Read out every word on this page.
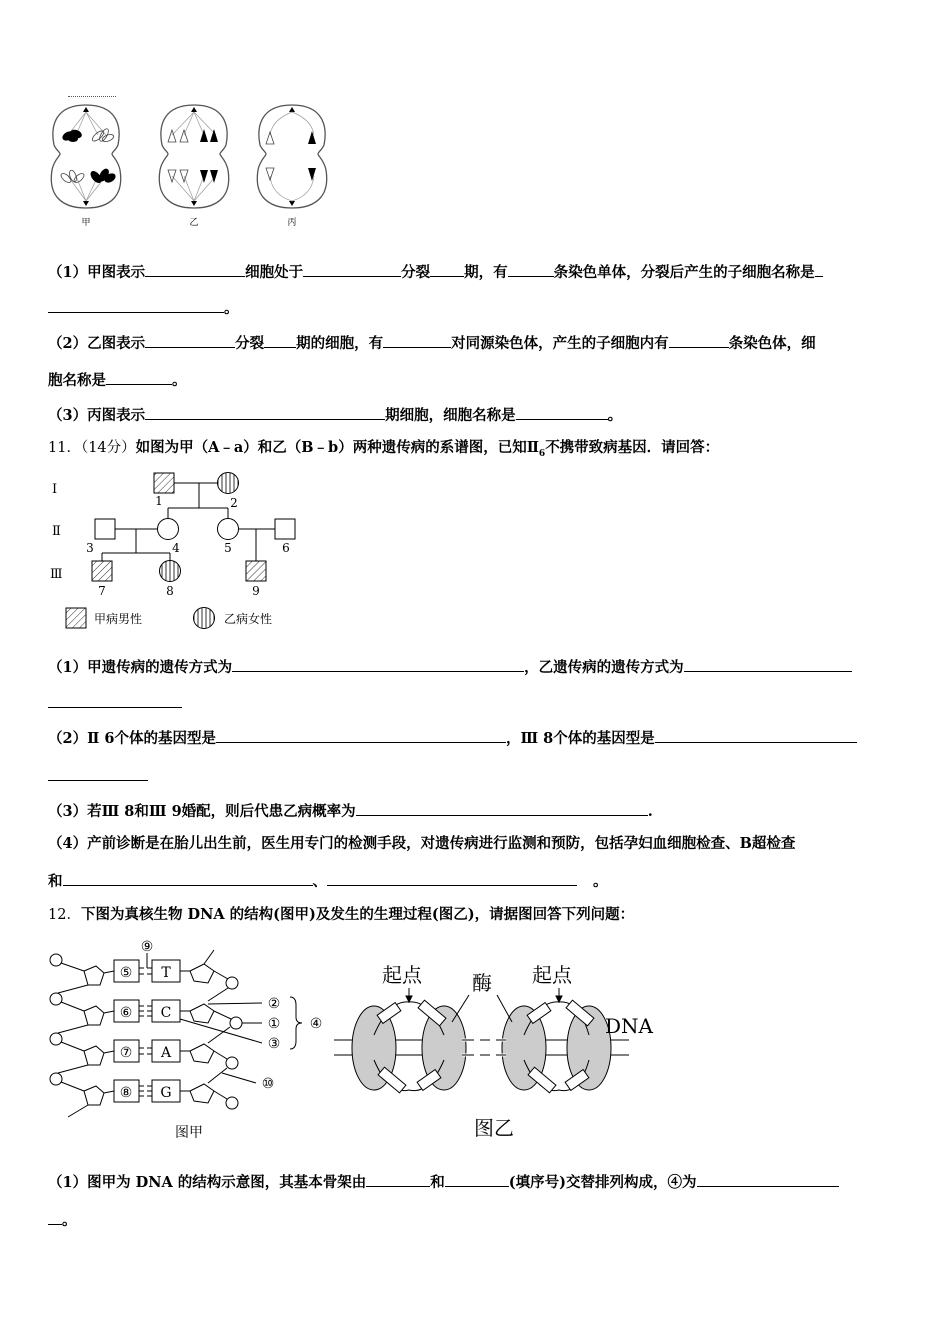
甲	乙	丙
（1）甲图表示	细胞处于	分裂 期，有	条染色单体，分裂后产生的子细胞名称是
。
（2）乙图表示	分裂 期的细胞，有	对同源染色体，产生的子细胞内有	条染色体，细
胞名称是	。
（3）丙图表示	期细胞，细胞名称是	。
11．（14分）如图为甲（A﹣a）和乙（B﹣b）两种遗传病的系谱图，已知$Ⅱ_6$不携带致病基因．请回答：
Ⅰ
Ⅱ
Ⅲ
1	2
3	4	5	6
7	8	9
甲病男性	乙病女性
（1）甲遗传病的遗传方式为	，乙遗传病的遗传方式为
（2）Ⅱ 6个体的基因型是	，Ⅲ 8个体的基因型是
（3）若Ⅲ 8和Ⅲ 9婚配，则后代患乙病概率为	.
（4）产前诊断是在胎儿出生前，医生用专门的检测手段，对遗传病进行监测和预防，包括孕妇血细胞检查、B超检查
和	、	。
12．下图为真核生物 DNA 的结构(图甲)及发生的生理过程(图乙)，请据图回答下列问题：
⑤
⑥
⑦
⑧
T
C
A
G
⑨
②
①
③
④
⑩
图甲
起点	起点
酶
DNA
图乙
（1）图甲为 DNA 的结构示意图，其基本骨架由	和	(填序号)交替排列构成，④为
。
